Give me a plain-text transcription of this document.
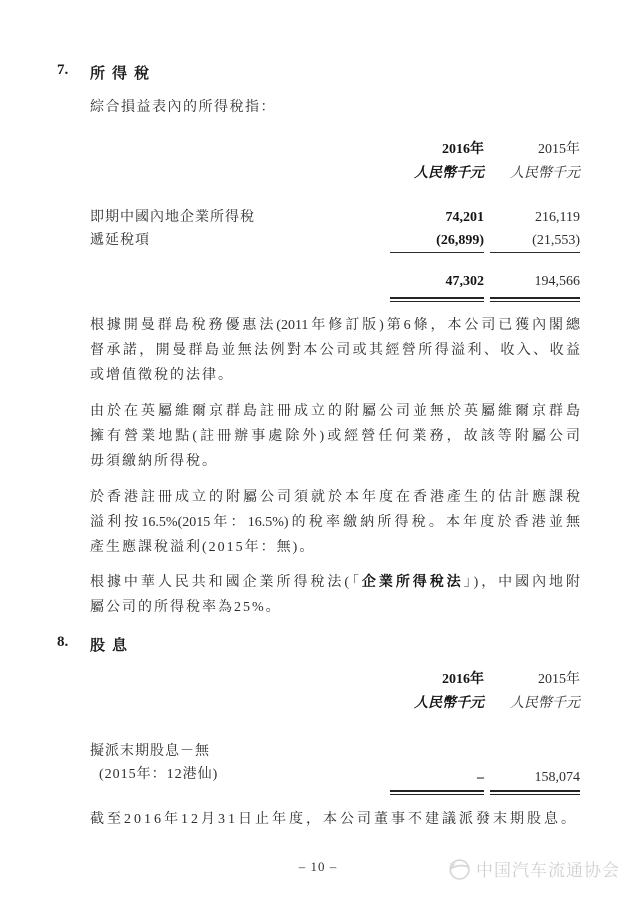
7.	所得稅
綜合損益表內的所得稅指：
2016年	2015年
人民幣千元	人民幣千元
即期中國內地企業所得稅	74,201	216,119
遞延稅項	(26,899)	(21,553)
47,302	194,566
根據開曼群島稅務優惠法(2011年修訂版)第6條，本公司已獲內閣總
督承諾，開曼群島並無法例對本公司或其經營所得溢利、收入、收益
或增值徵稅的法律。
由於在英屬維爾京群島註冊成立的附屬公司並無於英屬維爾京群島
擁有營業地點(註冊辦事處除外)或經營任何業務，故該等附屬公司
毋須繳納所得稅。
於香港註冊成立的附屬公司須就於本年度在香港產生的估計應課稅
溢利按16.5%(2015年：16.5%)的稅率繳納所得稅。本年度於香港並無
產生應課稅溢利(2015年：無)。
根據中華人民共和國企業所得稅法(「企業所得稅法」)，中國內地附
屬公司的所得稅率為25%。
8.	股息
2016年	2015年
人民幣千元	人民幣千元
擬派末期股息－無
(2015年：12港仙)	–	158,074
截至2016年12月31日止年度，本公司董事不建議派發末期股息。
– 10 –	中国汽车流通协会
